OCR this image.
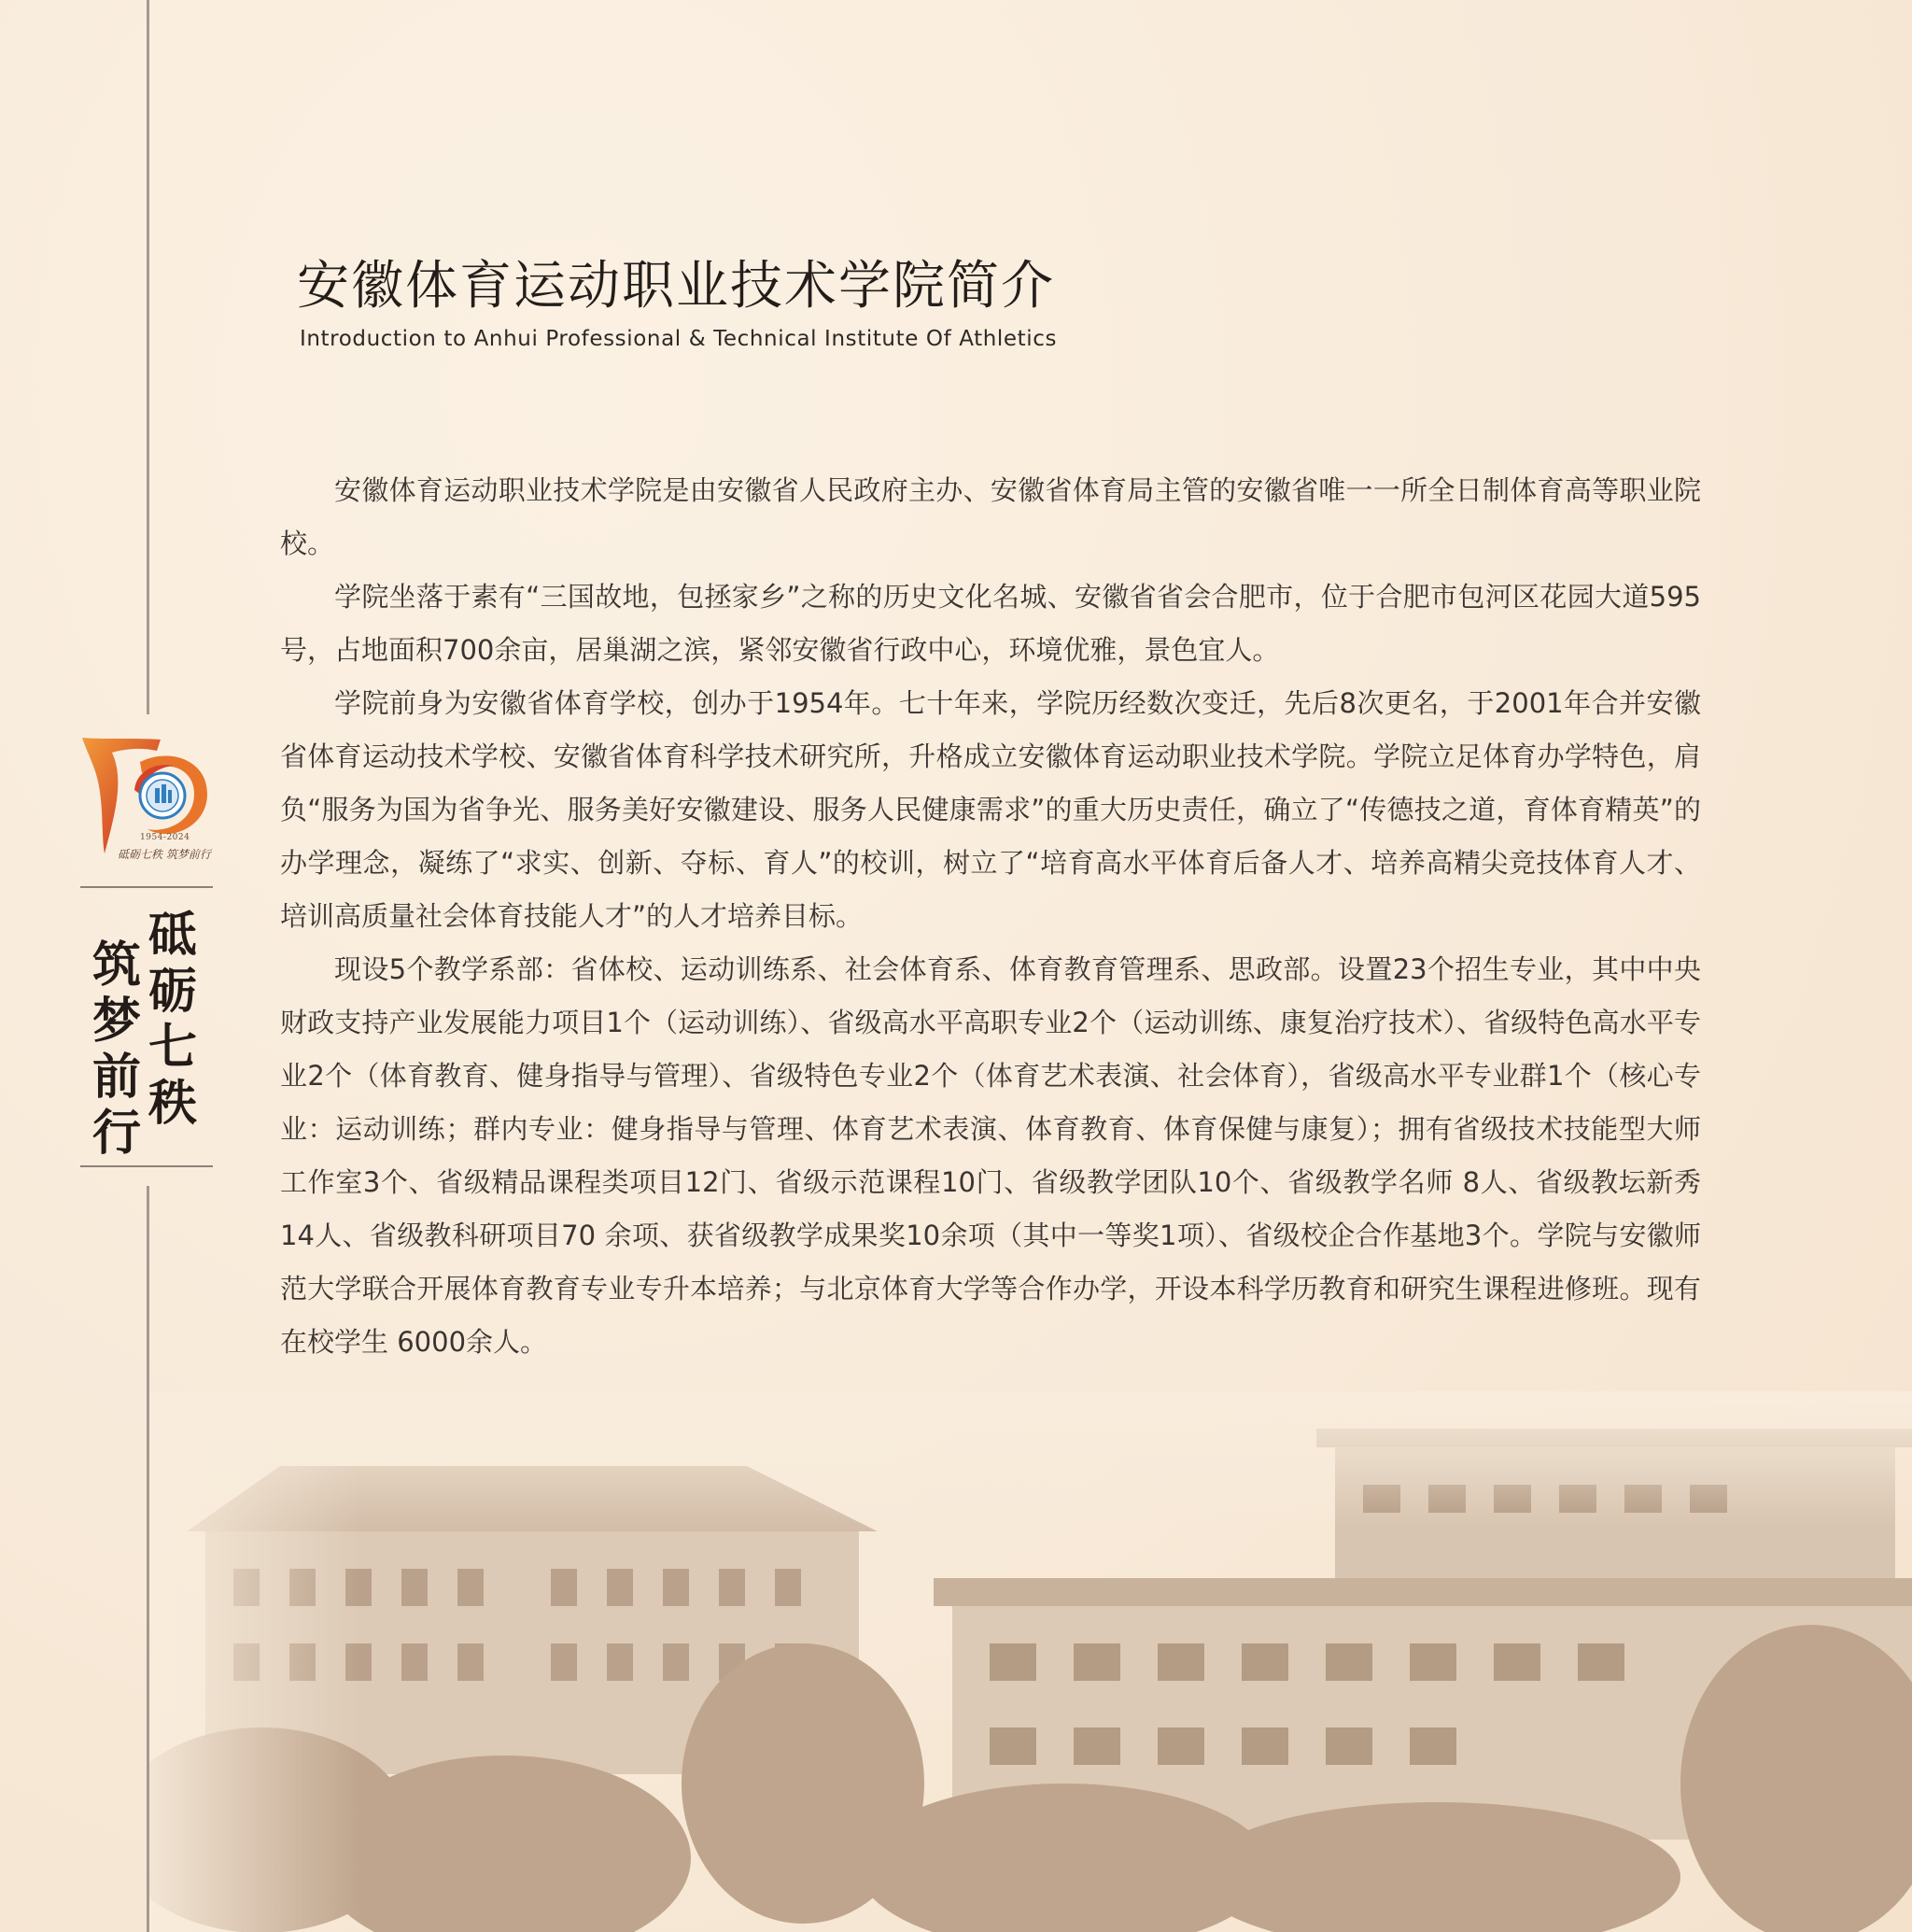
1954-2024
砥砺七秩 筑梦前行
砥
砺
七
秩
筑
梦
前
行
安徽体育运动职业技术学院简介
Introduction to Anhui Professional & Technical Institute Of Athletics

安徽体育运动职业技术学院是由安徽省人民政府主办、安徽省体育局主管的安徽省唯一一所全日制体育高等职业院校。

学院坐落于素有“三国故地，包拯家乡”之称的历史文化名城、安徽省省会合肥市，位于合肥市包河区花园大道595号，占地面积700余亩，居巢湖之滨，紧邻安徽省行政中心，环境优雅，景色宜人。

学院前身为安徽省体育学校，创办于1954年。七十年来，学院历经数次变迁，先后8次更名，于2001年合并安徽省体育运动技术学校、安徽省体育科学技术研究所，升格成立安徽体育运动职业技术学院。学院立足体育办学特色，肩负“服务为国为省争光、服务美好安徽建设、服务人民健康需求”的重大历史责任，确立了“传德技之道，育体育精英”的办学理念，凝练了“求实、创新、夺标、育人”的校训，树立了“培育高水平体育后备人才、培养高精尖竞技体育人才、培训高质量社会体育技能人才”的人才培养目标。

现设5个教学系部：省体校、运动训练系、社会体育系、体育教育管理系、思政部。设置23个招生专业，其中中央财政支持产业发展能力项目1个（运动训练）、省级高水平高职专业2个（运动训练、康复治疗技术）、省级特色高水平专业2个（体育教育、健身指导与管理）、省级特色专业2个（体育艺术表演、社会体育），省级高水平专业群1个（核心专业：运动训练；群内专业：健身指导与管理、体育艺术表演、体育教育、体育保健与康复）；拥有省级技术技能型大师工作室3个、省级精品课程类项目12门、省级示范课程10门、省级教学团队10个、省级教学名师 8人、省级教坛新秀14人、省级教科研项目70 余项、获省级教学成果奖10余项（其中一等奖1项）、省级校企合作基地3个。学院与安徽师范大学联合开展体育教育专业专升本培养；与北京体育大学等合作办学，开设本科学历教育和研究生课程进修班。现有在校学生 6000余人。
